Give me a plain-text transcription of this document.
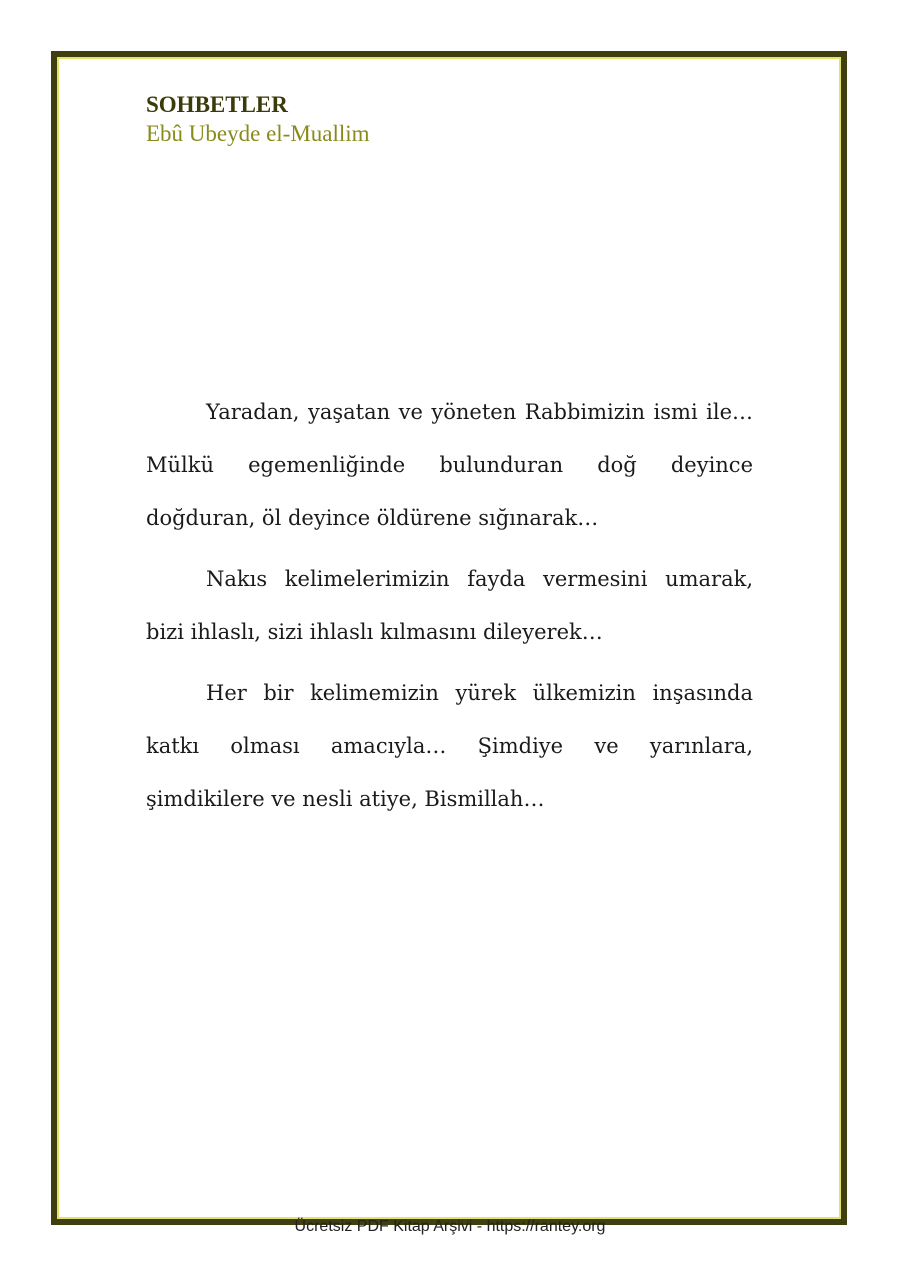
SOHBETLER
Ebû Ubeyde el-Muallim

Yaradan, yaşatan ve yöneten Rabbimizin ismi ile… Mülkü egemenliğinde bulunduran doğ deyince doğduran, öl deyince öldürene sığınarak…

Nakıs kelimelerimizin fayda vermesini umarak, bizi ihlaslı, sizi ihlaslı kılmasını dileyerek…

Her bir kelimemizin yürek ülkemizin inşasında katkı olması amacıyla… Şimdiye ve yarınlara, şimdikilere ve nesli atiye, Bismillah…

Ücretsiz PDF Kitap Arşivi - https://rantey.org
